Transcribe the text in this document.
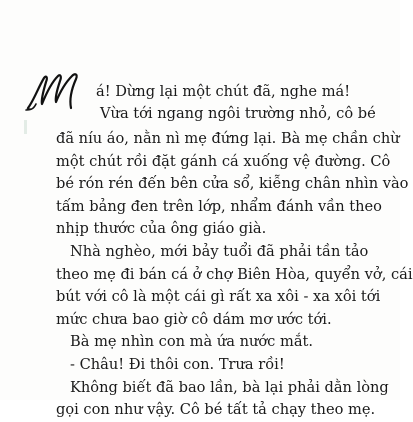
-
á! Dừng lại một chút đã, nghe má!
Vừa tới ngang ngôi trường nhỏ, cô bé
đã níu áo, nằn nì mẹ đứng lại. Bà mẹ chần chừ
một chút rồi đặt gánh cá xuống vệ đường. Cô
bé rón rén đến bên cửa sổ, kiễng chân nhìn vào
tấm bảng đen trên lớp, nhẩm đánh vần theo
nhịp thước của ông giáo già.
Nhà nghèo, mới bảy tuổi đã phải tần tảo
theo mẹ đi bán cá ở chợ Biên Hòa, quyển vở, cái
bút với cô là một cái gì rất xa xôi - xa xôi tới
mức chưa bao giờ cô dám mơ ước tới.
Bà mẹ nhìn con mà ứa nước mắt.
- Châu! Đi thôi con. Trưa rồi!
Không biết đã bao lần, bà lại phải dằn lòng
gọi con như vậy. Cô bé tất tả chạy theo mẹ.
